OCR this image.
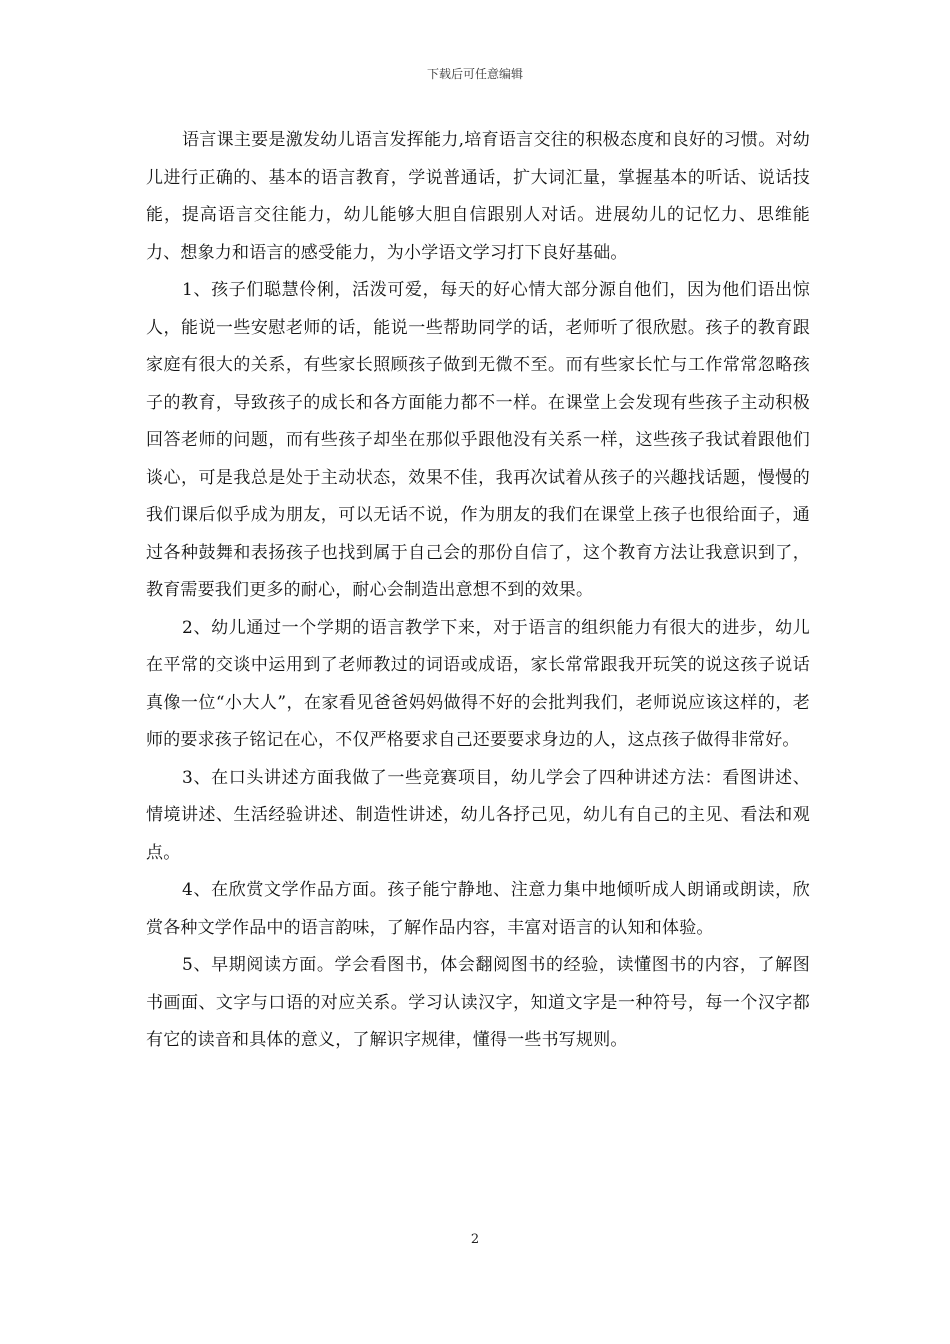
下载后可任意编辑

语言课主要是激发幼儿语言发挥能力,培育语言交往的积极态度和良好的习惯。对幼儿进行正确的、基本的语言教育，学说普通话，扩大词汇量，掌握基本的听话、说话技能，提高语言交往能力，幼儿能够大胆自信跟别人对话。进展幼儿的记忆力、思维能力、想象力和语言的感受能力，为小学语文学习打下良好基础。

1、孩子们聪慧伶俐，活泼可爱，每天的好心情大部分源自他们，因为他们语出惊人，能说一些安慰老师的话，能说一些帮助同学的话，老师听了很欣慰。孩子的教育跟家庭有很大的关系，有些家长照顾孩子做到无微不至。而有些家长忙与工作常常忽略孩子的教育，导致孩子的成长和各方面能力都不一样。在课堂上会发现有些孩子主动积极回答老师的问题，而有些孩子却坐在那似乎跟他没有关系一样，这些孩子我试着跟他们谈心，可是我总是处于主动状态，效果不佳，我再次试着从孩子的兴趣找话题，慢慢的我们课后似乎成为朋友，可以无话不说，作为朋友的我们在课堂上孩子也很给面子，通过各种鼓舞和表扬孩子也找到属于自己会的那份自信了，这个教育方法让我意识到了，教育需要我们更多的耐心，耐心会制造出意想不到的效果。

2、幼儿通过一个学期的语言教学下来，对于语言的组织能力有很大的进步，幼儿在平常的交谈中运用到了老师教过的词语或成语，家长常常跟我开玩笑的说这孩子说话真像一位“小大人”，在家看见爸爸妈妈做得不好的会批判我们，老师说应该这样的，老师的要求孩子铭记在心，不仅严格要求自己还要要求身边的人，这点孩子做得非常好。

3、在口头讲述方面我做了一些竞赛项目，幼儿学会了四种讲述方法：看图讲述、情境讲述、生活经验讲述、制造性讲述，幼儿各抒己见，幼儿有自己的主见、看法和观点。

4、在欣赏文学作品方面。孩子能宁静地、注意力集中地倾听成人朗诵或朗读，欣赏各种文学作品中的语言韵味，了解作品内容，丰富对语言的认知和体验。

5、早期阅读方面。学会看图书，体会翻阅图书的经验，读懂图书的内容，了解图书画面、文字与口语的对应关系。学习认读汉字，知道文字是一种符号，每一个汉字都有它的读音和具体的意义，了解识字规律，懂得一些书写规则。

2
